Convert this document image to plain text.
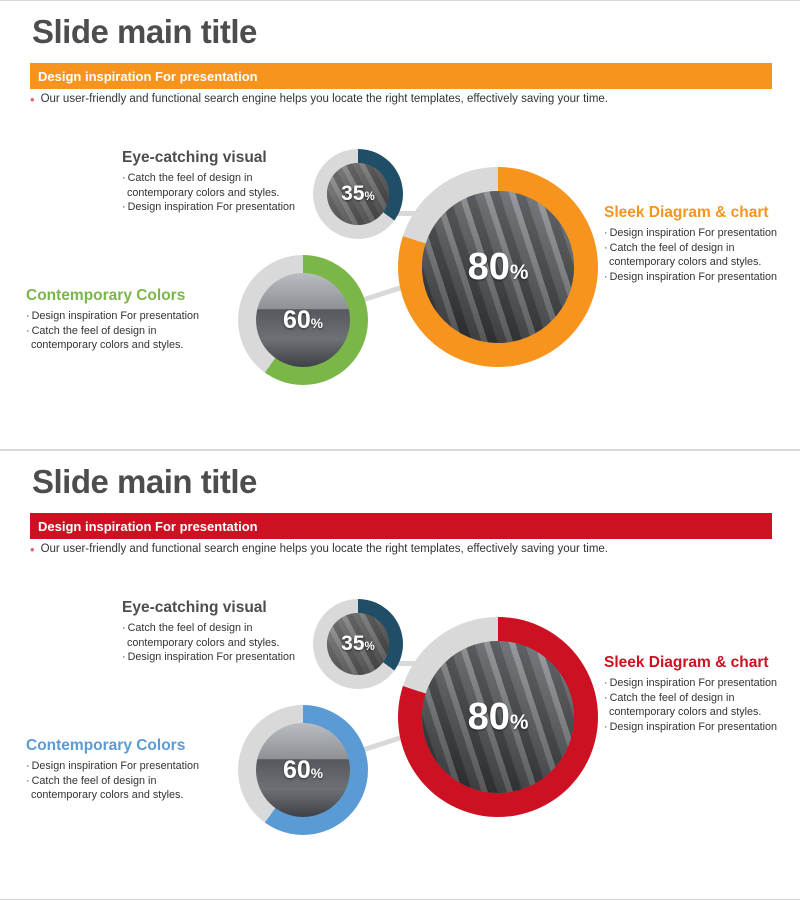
Slide main title
Design inspiration For presentation
• Our user-friendly and functional search engine helps you locate the right templates, effectively saving your time.
35%
60%
80%
Eye-catching visual
· Catch the feel of design in
contemporary colors and styles.
· Design inspiration For presentation
Contemporary Colors
· Design inspiration For presentation
· Catch the feel of design in
contemporary colors and styles.
Sleek Diagram & chart
· Design inspiration For presentation
· Catch the feel of design in
contemporary colors and styles.
· Design inspiration For presentation
Slide main title
Design inspiration For presentation
• Our user-friendly and functional search engine helps you locate the right templates, effectively saving your time.
35%
60%
80%
Eye-catching visual
· Catch the feel of design in
contemporary colors and styles.
· Design inspiration For presentation
Contemporary Colors
· Design inspiration For presentation
· Catch the feel of design in
contemporary colors and styles.
Sleek Diagram & chart
· Design inspiration For presentation
· Catch the feel of design in
contemporary colors and styles.
· Design inspiration For presentation
